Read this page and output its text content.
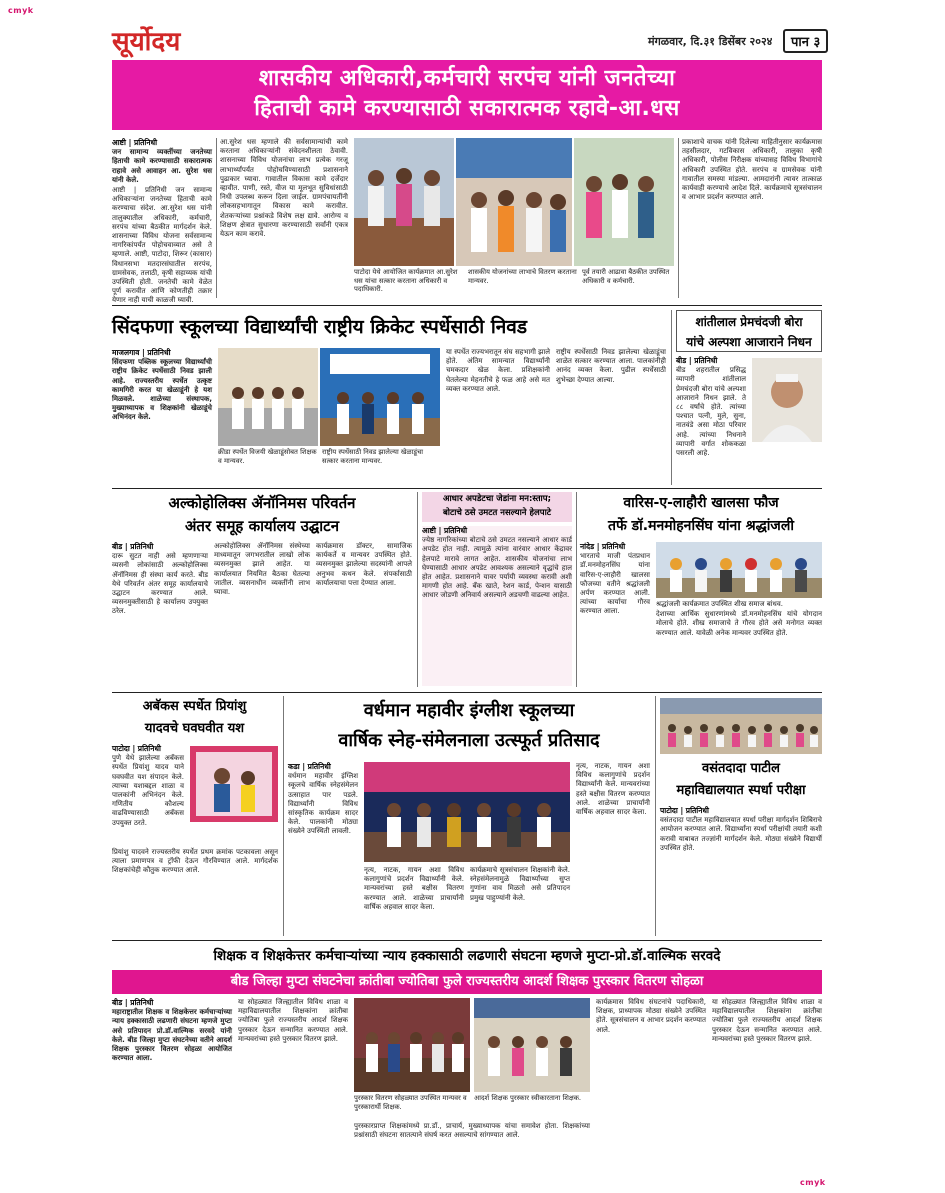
cmyk
सूर्योदय	मंगळवार, दि.३१ डिसेंबर २०२४	पान ३
शासकीय अधिकारी,कर्मचारी सरपंच यांनी जनतेच्या
हिताची कामे करण्यासाठी सकारात्मक रहावे-आ.धस

आष्टी | प्रतिनिधी

जन सामान्य व्यक्तींच्या जनतेच्या हिताची कामे करण्यासाठी सकारात्मक राहावे असे आवाहन आ. सुरेश धस यांनी केले.

आष्टी | प्रतिनिधी जन सामान्य अधिकाऱ्यांना जनतेच्या हिताची कामे करण्याचा संदेश. आ.सुरेश धस यांनी तालुक्यातील अधिकारी, कर्मचारी, सरपंच यांच्या बैठकीत मार्गदर्शन केले. शासनाच्या विविध योजना सर्वसामान्य नागरिकांपर्यंत पोहोचवाव्यात असे ते म्हणाले. आष्टी, पाटोदा, शिरूर (कासार) विधानसभा मतदारसंघातील सरपंच, ग्रामसेवक, तलाठी, कृषी सहाय्यक यांची उपस्थिती होती. जनतेची कामे वेळेत पूर्ण करावीत आणि कोणतीही तक्रार येणार नाही याची काळजी घ्यावी.

आ.सुरेश धस म्हणाले की सर्वसामान्यांची कामे करताना अधिकाऱ्यांनी संवेदनशीलता ठेवावी. शासनाच्या विविध योजनांचा लाभ प्रत्येक गरजू लाभार्थ्यांपर्यंत पोहोचविण्यासाठी प्रशासनाने पुढाकार घ्यावा. गावातील विकास कामे दर्जेदार व्हावीत. पाणी, रस्ते, वीज या मूलभूत सुविधांसाठी निधी उपलब्ध करून दिला जाईल. ग्रामपंचायतींनी लोकसहभागातून विकास कामे करावीत. शेतकऱ्यांच्या प्रश्नांकडे विशेष लक्ष द्यावे. आरोग्य व शिक्षण क्षेत्रात सुधारणा करण्यासाठी सर्वांनी एकत्र येऊन काम करावे.

पाटोदा येथे आयोजित कार्यक्रमात आ.सुरेश धस यांचा सत्कार करताना अधिकारी व पदाधिकारी.
शासकीय योजनांच्या लाभाचे वितरण करताना मान्यवर.
पूर्व तयारी आढावा बैठकीत उपस्थित अधिकारी व कर्मचारी.

प्रकाशाचे वाचक यांनी दिलेल्या माहितीनुसार कार्यक्रमास तहसीलदार, गटविकास अधिकारी, तालुका कृषी अधिकारी, पोलीस निरीक्षक यांच्यासह विविध विभागांचे अधिकारी उपस्थित होते. सरपंच व ग्रामसेवक यांनी गावातील समस्या मांडल्या. आमदारांनी त्यावर तात्काळ कार्यवाही करण्याचे आदेश दिले. कार्यक्रमाचे सूत्रसंचालन व आभार प्रदर्शन करण्यात आले.

सिंदफणा स्कूलच्या विद्यार्थ्यांची राष्ट्रीय क्रिकेट स्पर्धेसाठी निवड

माजलगाव | प्रतिनिधी

सिंदफणा पब्लिक स्कूलच्या विद्यार्थ्यांची राष्ट्रीय क्रिकेट स्पर्धेसाठी निवड झाली आहे. राज्यस्तरीय स्पर्धेत उत्कृष्ट कामगिरी करत या खेळाडूंनी हे यश मिळवले. शाळेच्या संस्थापक, मुख्याध्यापक व शिक्षकांनी खेळाडूंचे अभिनंदन केले.

क्रीडा स्पर्धेत विजयी खेळाडूंसोबत शिक्षक व मान्यवर.
राष्ट्रीय स्पर्धेसाठी निवड झालेल्या खेळाडूंचा सत्कार करताना मान्यवर.

या स्पर्धेत राज्यभरातून संघ सहभागी झाले होते. अंतिम सामन्यात विद्यार्थ्यांनी चमकदार खेळ केला. प्रशिक्षकांनी घेतलेल्या मेहनतीचे हे फळ आहे असे मत व्यक्त करण्यात आले.

राष्ट्रीय स्पर्धेसाठी निवड झालेल्या खेळाडूंचा शाळेत सत्कार करण्यात आला. पालकांनीही आनंद व्यक्त केला. पुढील स्पर्धेसाठी शुभेच्छा देण्यात आल्या.

शांतीलाल प्रेमचंदजी बोरा
यांचे अल्पशा आजाराने निधन

बीड | प्रतिनिधी

बीड शहरातील प्रसिद्ध व्यापारी शांतीलाल प्रेमचंदजी बोरा यांचे अल्पशा आजाराने निधन झाले. ते ८८ वर्षांचे होते. त्यांच्या पश्चात पत्नी, मुले, सुना, नातवंडे असा मोठा परिवार आहे. त्यांच्या निधनाने व्यापारी वर्गात शोककळा पसरली आहे.

अल्कोहोलिक्स ॲनॉनिमस परिवर्तन
अंतर समूह कार्यालय उद्घाटन

बीड | प्रतिनिधी

दारू सुटत नाही असे म्हणणाऱ्या व्यसनी लोकांसाठी अल्कोहोलिक्स ॲनॉनिमस ही संस्था कार्य करते. बीड येथे परिवर्तन अंतर समूह कार्यालयाचे उद्घाटन करण्यात आले. व्यसनमुक्तीसाठी हे कार्यालय उपयुक्त ठरेल.

अल्कोहोलिक्स ॲनॉनिमस संस्थेच्या माध्यमातून जगभरातील लाखो लोक व्यसनमुक्त झाले आहेत. या कार्यालयात नियमित बैठका घेतल्या जातील. व्यसनाधीन व्यक्तींनी लाभ घ्यावा.

कार्यक्रमास डॉक्टर, सामाजिक कार्यकर्ते व मान्यवर उपस्थित होते. व्यसनमुक्त झालेल्या सदस्यांनी आपले अनुभव कथन केले. संपर्कासाठी कार्यालयाचा पत्ता देण्यात आला.

आधार अपडेटचा जेडांना मन:स्ताप;
बोटाचे ठसे उमटत नसल्याने हेलपाटे

आष्टी | प्रतिनिधी

ज्येष्ठ नागरिकांच्या बोटाचे ठसे उमटत नसल्याने आधार कार्ड अपडेट होत नाही. त्यामुळे त्यांना वारंवार आधार केंद्रावर हेलपाटे मारावे लागत आहेत. शासकीय योजनांचा लाभ घेण्यासाठी आधार अपडेट आवश्यक असल्याने वृद्धांचे हाल होत आहेत. प्रशासनाने यावर पर्यायी व्यवस्था करावी अशी मागणी होत आहे. बँक खाते, रेशन कार्ड, पेन्शन यासाठी आधार जोडणी अनिवार्य असल्याने अडचणी वाढल्या आहेत.

वारिस-ए-लाहौरी खालसा फौज
तर्फे डॉ.मनमोहनसिंघ यांना श्रद्धांजली

नांदेड | प्रतिनिधी

भारताचे माजी पंतप्रधान डॉ.मनमोहनसिंघ यांना वारिस-ए-लाहौरी खालसा फौजच्या वतीने श्रद्धांजली अर्पण करण्यात आली. त्यांच्या कार्याचा गौरव करण्यात आला.

श्रद्धांजली कार्यक्रमात उपस्थित शीख समाज बांधव.

देशाच्या आर्थिक सुधारणांमध्ये डॉ.मनमोहनसिंघ यांचे योगदान मोलाचे होते. शीख समाजाचे ते गौरव होते असे मनोगत व्यक्त करण्यात आले. यावेळी अनेक मान्यवर उपस्थित होते.

अबॅकस स्पर्धेत प्रियांशु
यादवचे घवघवीत यश

पाटोदा | प्रतिनिधी

पुणे येथे झालेल्या अबॅकस स्पर्धेत प्रियांशु यादव याने घवघवीत यश संपादन केले. त्याच्या यशाबद्दल शाळा व पालकांनी अभिनंदन केले. गणितीय कौशल्य वाढविण्यासाठी अबॅकस उपयुक्त ठरते.

प्रियांशु यादवने राज्यस्तरीय स्पर्धेत प्रथम क्रमांक पटकावला असून त्याला प्रमाणपत्र व ट्रॉफी देऊन गौरविण्यात आले. मार्गदर्शक शिक्षकांचेही कौतुक करण्यात आले.

वर्धमान महावीर इंग्लीश स्कूलच्या
वार्षिक स्नेह-संमेलनाला उत्स्फूर्त प्रतिसाद

कडा | प्रतिनिधी

वर्धमान महावीर इंग्लिश स्कूलचे वार्षिक स्नेहसंमेलन उत्साहात पार पडले. विद्यार्थ्यांनी विविध सांस्कृतिक कार्यक्रम सादर केले. पालकांनी मोठ्या संख्येने उपस्थिती लावली.

नृत्य, नाटक, गायन अशा विविध कलागुणांचे प्रदर्शन विद्यार्थ्यांनी केले. मान्यवरांच्या हस्ते बक्षीस वितरण करण्यात आले. शाळेच्या प्राचार्यांनी वार्षिक अहवाल सादर केला.

कार्यक्रमाचे सूत्रसंचालन शिक्षकांनी केले. स्नेहसंमेलनामुळे विद्यार्थ्यांच्या सुप्त गुणांना वाव मिळतो असे प्रतिपादन प्रमुख पाहुण्यांनी केले.

नृत्य, नाटक, गायन अशा विविध कलागुणांचे प्रदर्शन विद्यार्थ्यांनी केले. मान्यवरांच्या हस्ते बक्षीस वितरण करण्यात आले. शाळेच्या प्राचार्यांनी वार्षिक अहवाल सादर केला.

वसंतदादा पाटील
महाविद्यालयात स्पर्धा परीक्षा

पाटोदा | प्रतिनिधी

वसंतदादा पाटील महाविद्यालयात स्पर्धा परीक्षा मार्गदर्शन शिबिराचे आयोजन करण्यात आले. विद्यार्थ्यांना स्पर्धा परीक्षांची तयारी कशी करावी याबाबत तज्ज्ञांनी मार्गदर्शन केले. मोठ्या संख्येने विद्यार्थी उपस्थित होते.

शिक्षक व शिक्षकेत्तर कर्मचाऱ्यांच्या न्याय हक्कासाठी लढणारी संघटना म्हणजे मुप्टा-प्रो.डॉ.वाल्मिक सरवदे
बीड जिल्हा मुप्टा संघटनेचा क्रांतीबा ज्योतिबा फुले राज्यस्तरीय आदर्श शिक्षक पुरस्कार वितरण सोहळा

बीड | प्रतिनिधी

महाराष्ट्रातील शिक्षक व शिक्षकेत्तर कर्मचाऱ्यांच्या न्याय हक्कासाठी लढणारी संघटना म्हणजे मुप्टा असे प्रतिपादन प्रो.डॉ.वाल्मिक सरवदे यांनी केले. बीड जिल्हा मुप्टा संघटनेच्या वतीने आदर्श शिक्षक पुरस्कार वितरण सोहळा आयोजित करण्यात आला.

या सोहळ्यात जिल्ह्यातील विविध शाळा व महाविद्यालयातील शिक्षकांना क्रांतीबा ज्योतिबा फुले राज्यस्तरीय आदर्श शिक्षक पुरस्कार देऊन सन्मानित करण्यात आले. मान्यवरांच्या हस्ते पुरस्कार वितरण झाले.

पुरस्कार वितरण सोहळ्यात उपस्थित मान्यवर व पुरस्कारार्थी शिक्षक.
आदर्श शिक्षक पुरस्कार स्वीकारताना शिक्षक.

पुरस्कारप्राप्त शिक्षकांमध्ये प्रा.डॉ., प्राचार्य, मुख्याध्यापक यांचा समावेश होता. शिक्षकांच्या प्रश्नांसाठी संघटना सातत्याने संघर्ष करत असल्याचे सांगण्यात आले.

कार्यक्रमास विविध संघटनांचे पदाधिकारी, शिक्षक, प्राध्यापक मोठ्या संख्येने उपस्थित होते. सूत्रसंचालन व आभार प्रदर्शन करण्यात आले.

या सोहळ्यात जिल्ह्यातील विविध शाळा व महाविद्यालयातील शिक्षकांना क्रांतीबा ज्योतिबा फुले राज्यस्तरीय आदर्श शिक्षक पुरस्कार देऊन सन्मानित करण्यात आले. मान्यवरांच्या हस्ते पुरस्कार वितरण झाले.

cmyk
